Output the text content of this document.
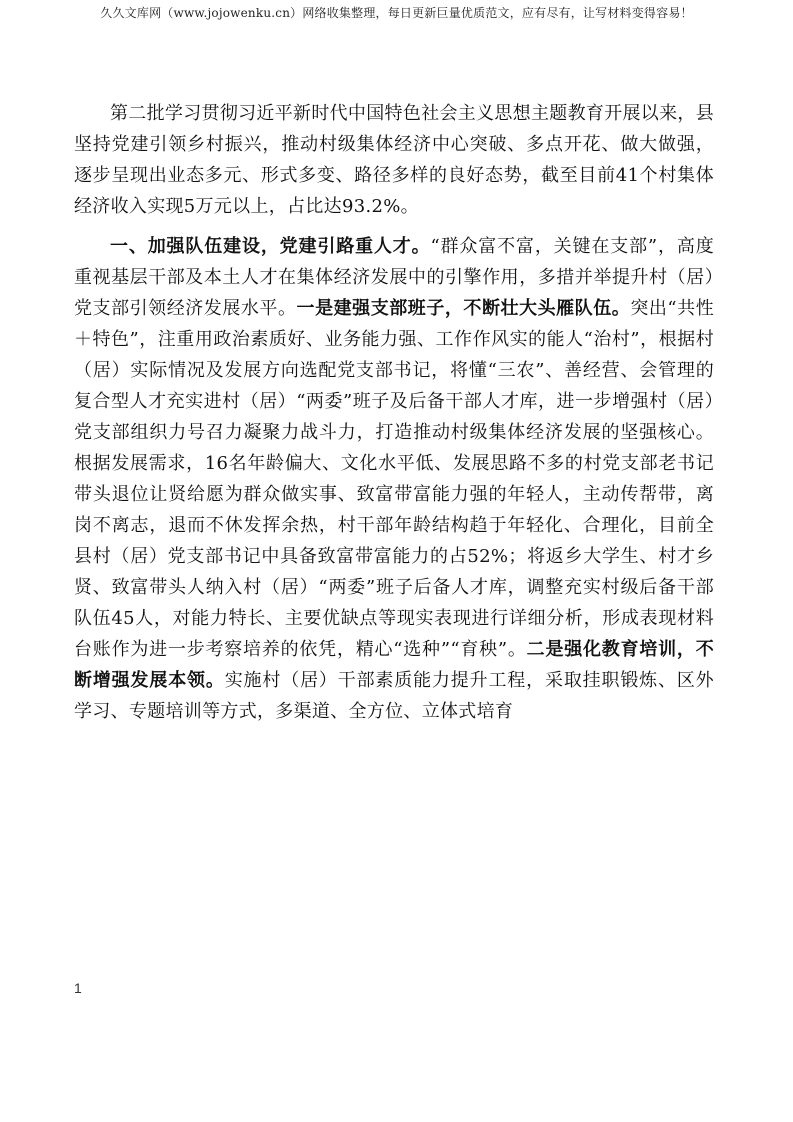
久久文库网（www.jojowenku.cn）网络收集整理，每日更新巨量优质范文，应有尽有，让写材料变得容易！

第二批学习贯彻习近平新时代中国特色社会主义思想主题教育开展以来，县坚持党建引领乡村振兴，推动村级集体经济中心突破、多点开花、做大做强，逐步呈现出业态多元、形式多变、路径多样的良好态势，截至目前41个村集体经济收入实现5万元以上，占比达93.2%。

一、加强队伍建设，党建引路重人才。“群众富不富，关键在支部”，高度重视基层干部及本土人才在集体经济发展中的引擎作用，多措并举提升村（居）党支部引领经济发展水平。一是建强支部班子，不断壮大头雁队伍。突出“共性＋特色”，注重用政治素质好、业务能力强、工作作风实的能人“治村”，根据村（居）实际情况及发展方向选配党支部书记，将懂“三农”、善经营、会管理的复合型人才充实进村（居）“两委”班子及后备干部人才库，进一步增强村（居）党支部组织力号召力凝聚力战斗力，打造推动村级集体经济发展的坚强核心。根据发展需求，16名年龄偏大、文化水平低、发展思路不多的村党支部老书记带头退位让贤给愿为群众做实事、致富带富能力强的年轻人，主动传帮带，离岗不离志，退而不休发挥余热，村干部年龄结构趋于年轻化、合理化，目前全县村（居）党支部书记中具备致富带富能力的占52%；将返乡大学生、村才乡贤、致富带头人纳入村（居）“两委”班子后备人才库，调整充实村级后备干部队伍45人，对能力特长、主要优缺点等现实表现进行详细分析，形成表现材料台账作为进一步考察培养的依凭，精心“选种”“育秧”。二是强化教育培训，不断增强发展本领。实施村（居）干部素质能力提升工程，采取挂职锻炼、区外学习、专题培训等方式，多渠道、全方位、立体式培育

1
